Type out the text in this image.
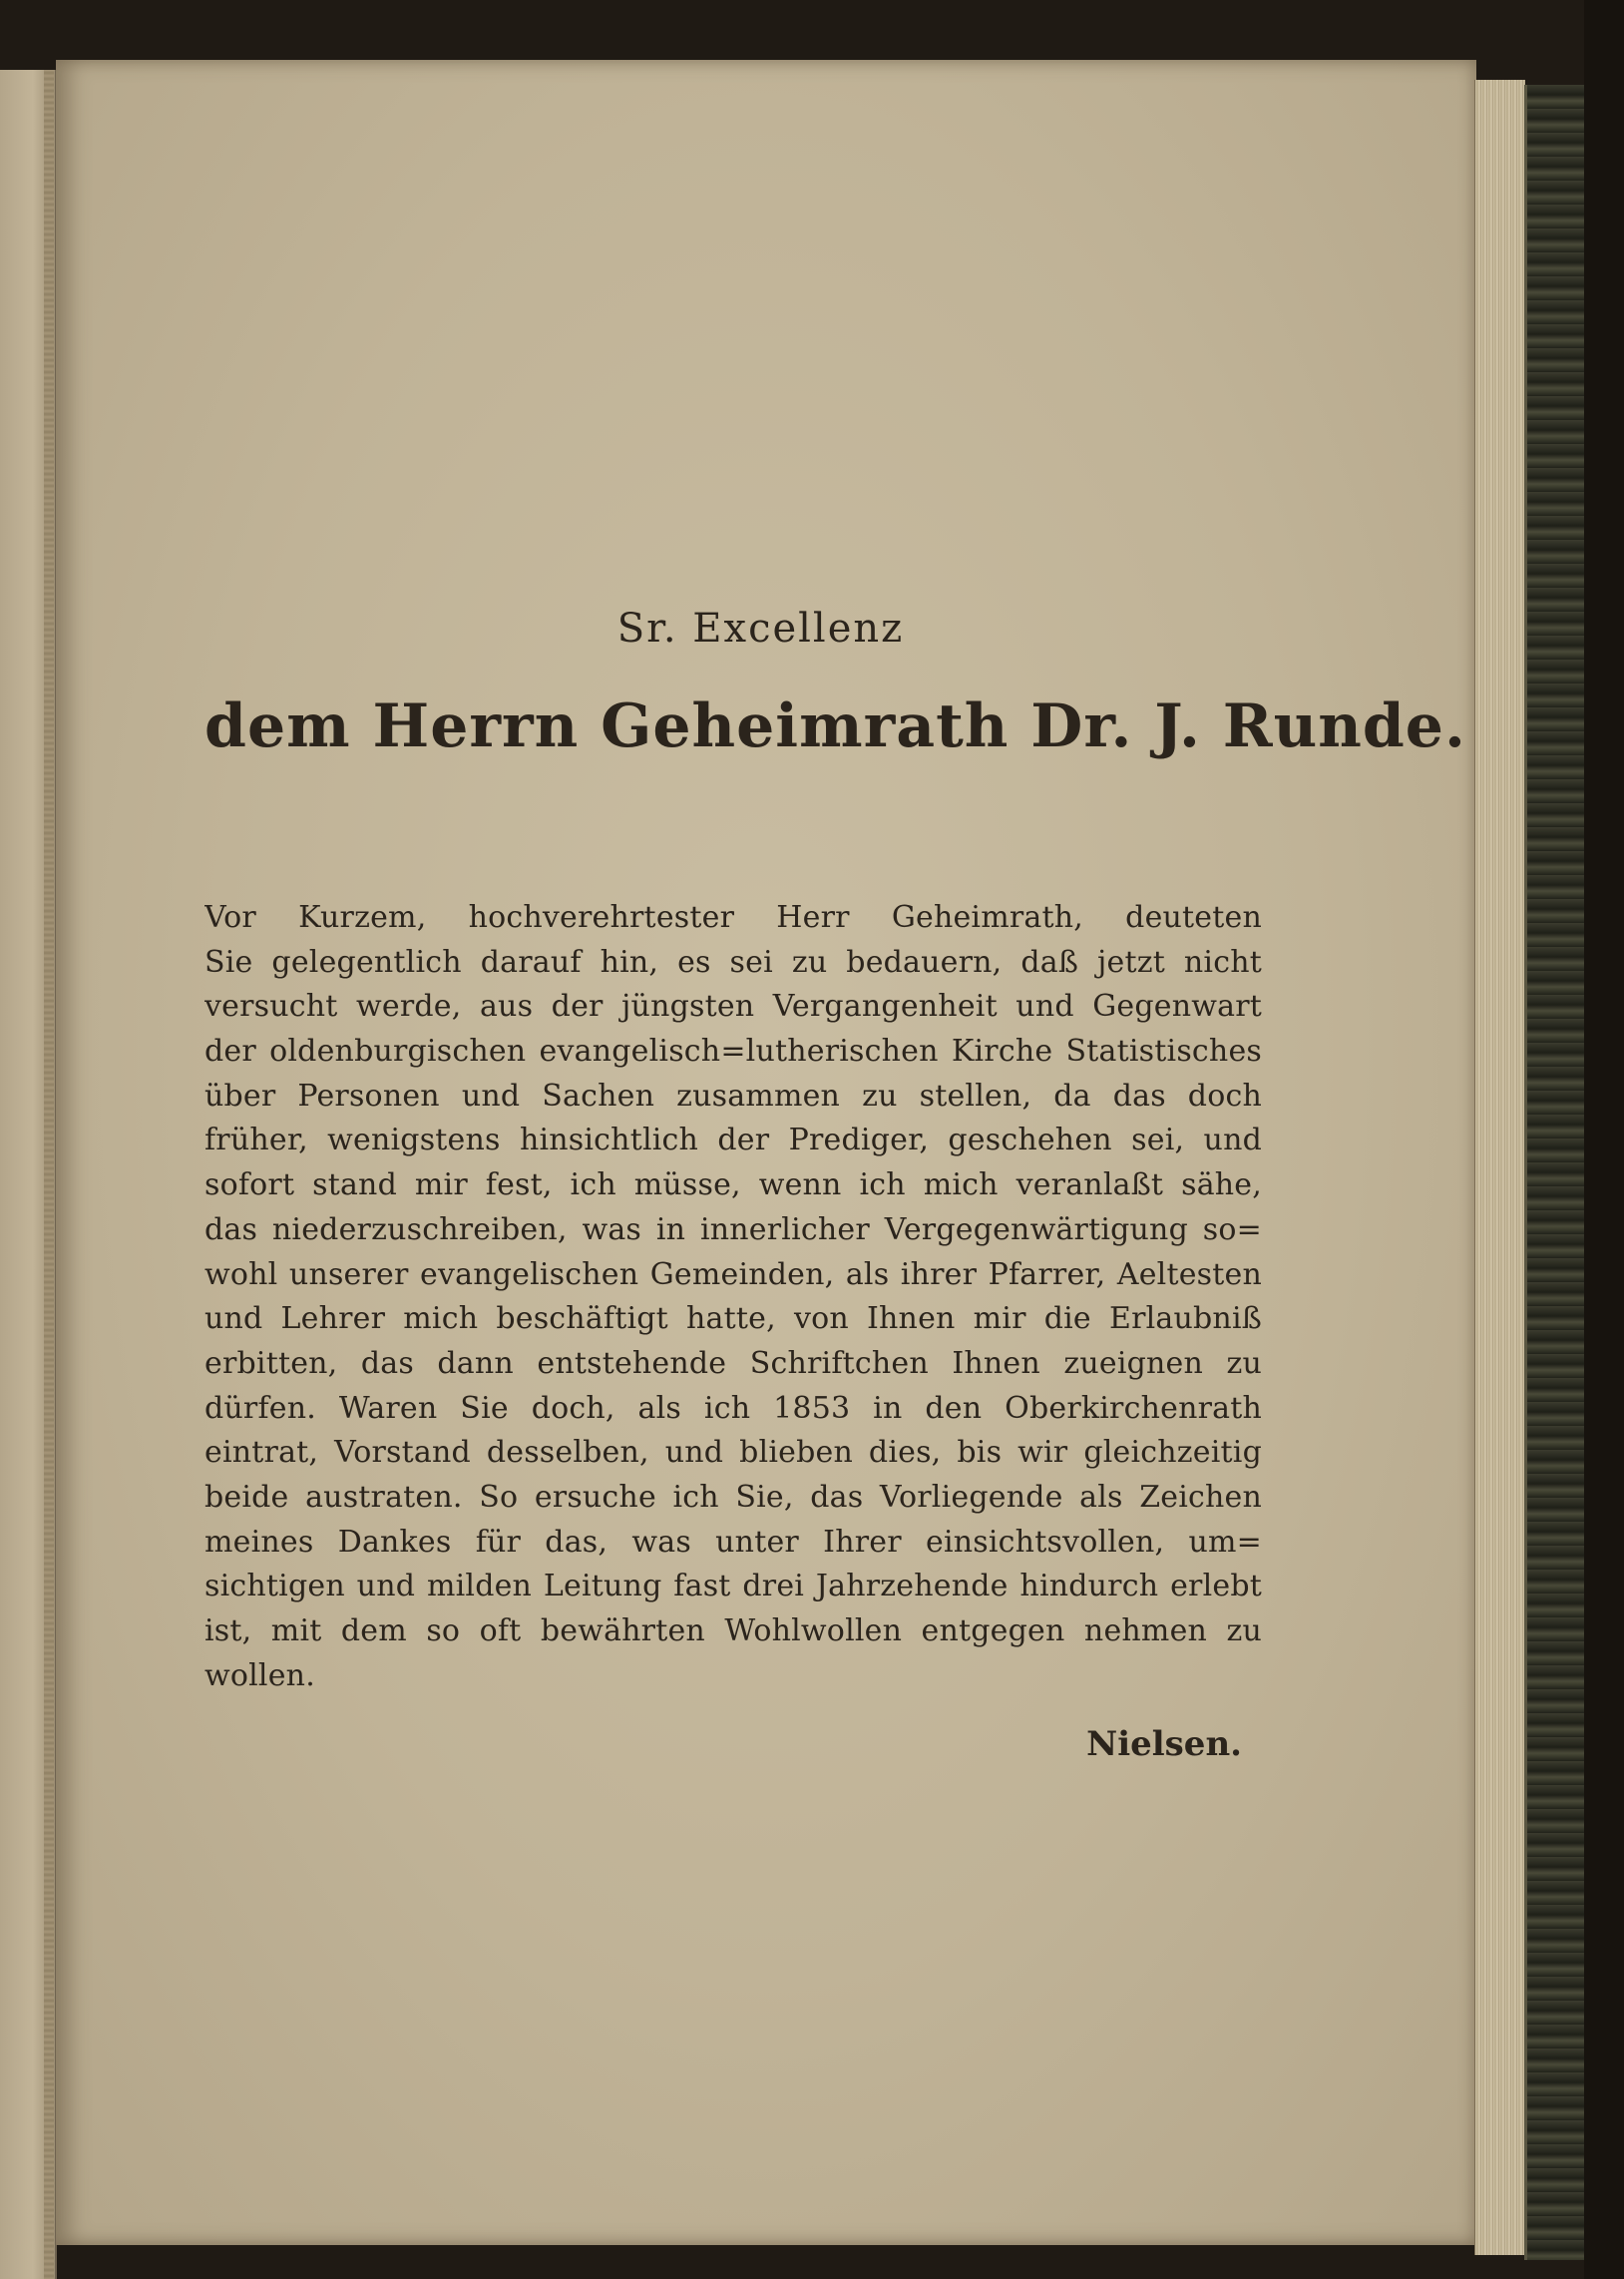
Sr. Excellenz
dem Herrn Geheimrath Dr. J. Runde.
Vor Kurzem, hochverehrtester Herr Geheimrath, deuteten
Sie gelegentlich darauf hin, es sei zu bedauern, daß jetzt nicht
versucht werde, aus der jüngsten Vergangenheit und Gegenwart
der oldenburgischen evangelisch=lutherischen Kirche Statistisches
über Personen und Sachen zusammen zu stellen, da das doch
früher, wenigstens hinsichtlich der Prediger, geschehen sei, und
sofort stand mir fest, ich müsse, wenn ich mich veranlaßt sähe,
das niederzuschreiben, was in innerlicher Vergegenwärtigung so=
wohl unserer evangelischen Gemeinden, als ihrer Pfarrer, Aeltesten
und Lehrer mich beschäftigt hatte, von Ihnen mir die Erlaubniß
erbitten, das dann entstehende Schriftchen Ihnen zueignen zu
dürfen. Waren Sie doch, als ich 1853 in den Oberkirchenrath
eintrat, Vorstand desselben, und blieben dies, bis wir gleichzeitig
beide austraten. So ersuche ich Sie, das Vorliegende als Zeichen
meines Dankes für das, was unter Ihrer einsichtsvollen, um=
sichtigen und milden Leitung fast drei Jahrzehende hindurch erlebt
ist, mit dem so oft bewährten Wohlwollen entgegen nehmen zu
wollen.
Nielsen.
